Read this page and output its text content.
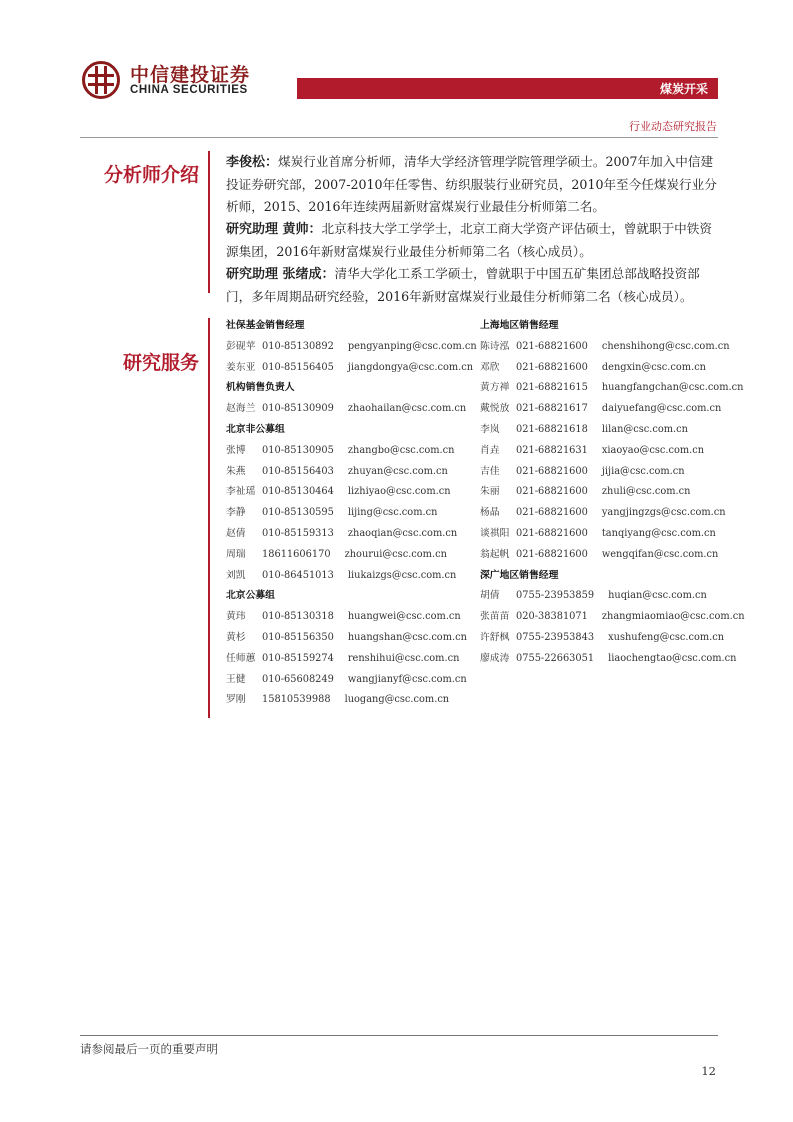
中信建投证券
CHINA SECURITIES	煤炭开采
行业动态研究报告
分析师介绍

李俊松：煤炭行业首席分析师，清华大学经济管理学院管理学硕士。2007年加入中信建投证券研究部，2007-2010年任零售、纺织服装行业研究员，2010年至今任煤炭行业分析师，2015、2016年连续两届新财富煤炭行业最佳分析师第二名。

研究助理 黄帅：北京科技大学工学学士，北京工商大学资产评估硕士，曾就职于中铁资源集团，2016年新财富煤炭行业最佳分析师第二名（核心成员）。

研究助理 张绪成：清华大学化工系工学硕士，曾就职于中国五矿集团总部战略投资部门，多年周期品研究经验，2016年新财富煤炭行业最佳分析师第二名（核心成员）。

研究服务
社保基金销售经理
彭砚苹 010-85130892 pengyanping@csc.com.cn
姜东亚 010-85156405 jiangdongya@csc.com.cn
机构销售负责人
赵海兰 010-85130909 zhaohailan@csc.com.cn
北京非公募组
张博 010-85130905 zhangbo@csc.com.cn
朱燕 010-85156403 zhuyan@csc.com.cn
李祉瑶 010-85130464 lizhiyao@csc.com.cn
李静 010-85130595 lijing@csc.com.cn
赵倩 010-85159313 zhaoqian@csc.com.cn
周瑞 18611606170 zhourui@csc.com.cn
刘凯 010-86451013 liukaizgs@csc.com.cn
北京公募组
黄玮 010-85130318 huangwei@csc.com.cn
黄杉 010-85156350 huangshan@csc.com.cn
任师蕙 010-85159274 renshihui@csc.com.cn
王健 010-65608249 wangjianyf@csc.com.cn
罗刚 15810539988 luogang@csc.com.cn
上海地区销售经理
陈诗泓 021-68821600 chenshihong@csc.com.cn
邓欣 021-68821600 dengxin@csc.com.cn
黄方禅 021-68821615 huangfangchan@csc.com.cn
戴悦放 021-68821617 daiyuefang@csc.com.cn
李岚 021-68821618 lilan@csc.com.cn
肖垚 021-68821631 xiaoyao@csc.com.cn
吉佳 021-68821600 jijia@csc.com.cn
朱丽 021-68821600 zhuli@csc.com.cn
杨晶 021-68821600 yangjingzgs@csc.com.cn
谈祺阳 021-68821600 tanqiyang@csc.com.cn
翁起帆 021-68821600 wengqifan@csc.com.cn
深广地区销售经理
胡倩 0755-23953859 huqian@csc.com.cn
张苗苗 020-38381071 zhangmiaomiao@csc.com.cn
许舒枫 0755-23953843 xushufeng@csc.com.cn
廖成涛 0755-22663051 liaochengtao@csc.com.cn
请参阅最后一页的重要声明
12
